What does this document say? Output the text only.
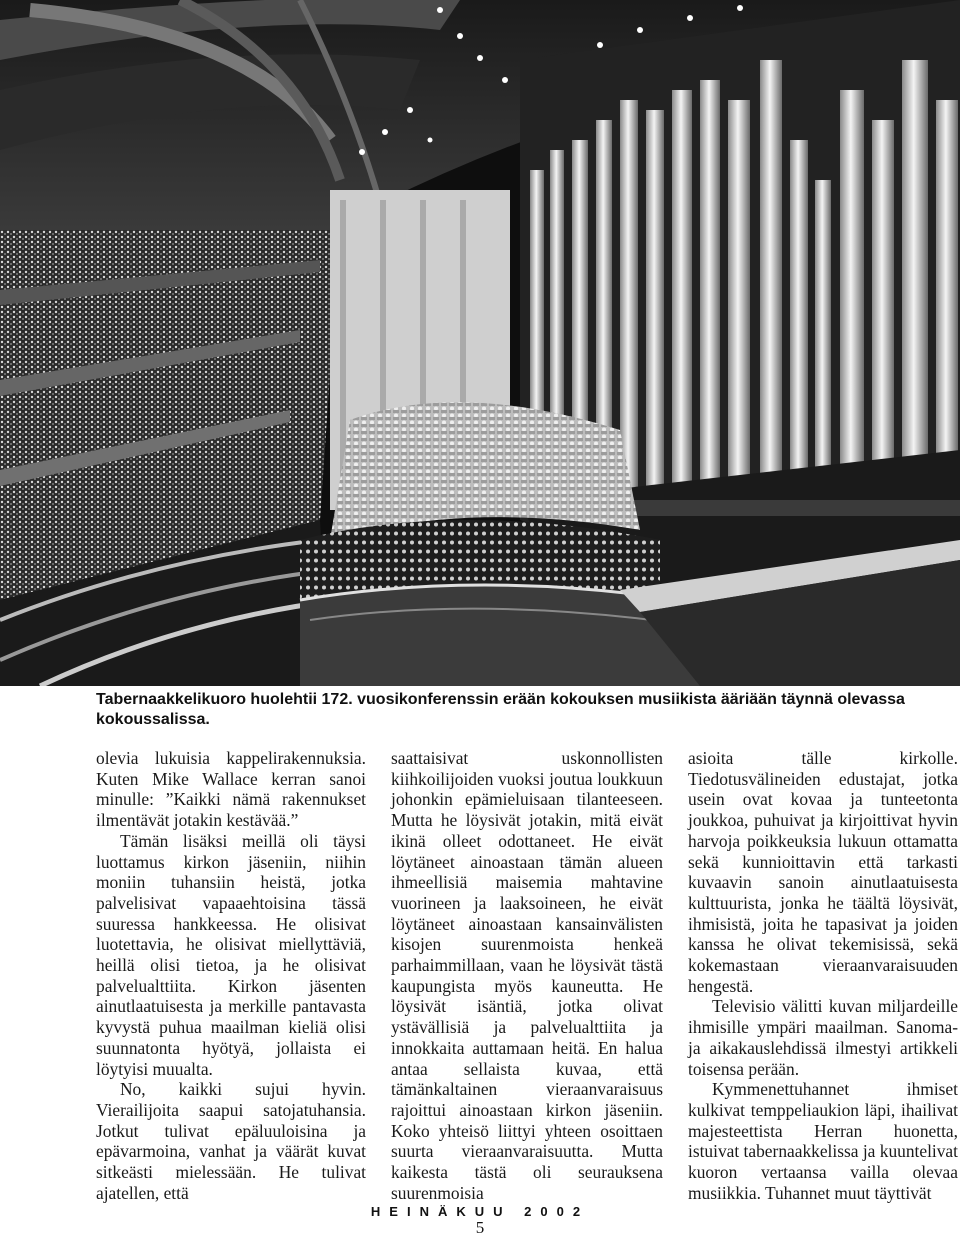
Tabernaakkelikuoro huolehtii 172. vuosikonferenssin erään kokouksen musiikista ääriään täynnä olevassa kokoussalissa.

olevia lukuisia kappelirakennuksia. Kuten Mike Wallace kerran sanoi minulle: ”Kaikki nämä rakennukset ilmentävät jotakin kestävää.”

Tämän lisäksi meillä oli täysi luottamus kirkon jäseniin, niihin moniin tuhansiin heistä, jotka palvelisivat vapaaehtoisina tässä suuressa hankkeessa. He olisivat luotettavia, he olisivat miellyttäviä, heillä olisi tietoa, ja he olisivat palvelualttiita. Kirkon jäsenten ainutlaatuisesta ja merkille pantavasta kyvystä puhua maailman kieliä olisi suunnatonta hyötyä, jollaista ei löytyisi muualta.

No, kaikki sujui hyvin. Vierailijoita saapui satojatuhansia. Jotkut tulivat epäluuloisina ja epävarmoina, vanhat ja väärät kuvat sitkeästi mielessään. He tulivat ajatellen, että

saattaisivat uskonnollisten kiihkoilijoiden vuoksi joutua loukkuun johonkin epämieluisaan tilanteeseen. Mutta he löysivät jotakin, mitä eivät ikinä olleet odottaneet. He eivät löytäneet ainoastaan tämän alueen ihmeellisiä maisemia mahtavine vuorineen ja laaksoineen, he eivät löytäneet ainoastaan kansainvälisten kisojen suurenmoista henkeä parhaimmillaan, vaan he löysivät tästä kaupungista myös kauneutta. He löysivät isäntiä, jotka olivat ystävällisiä ja palvelualttiita ja innokkaita auttamaan heitä. En halua antaa sellaista kuvaa, että tämänkaltainen vieraanvaraisuus rajoittui ainoastaan kirkon jäseniin. Koko yhteisö liittyi yhteen osoittaen suurta vieraanvaraisuutta. Mutta kaikesta tästä oli seurauksena suurenmoisia

asioita tälle kirkolle. Tiedotusvälineiden edustajat, jotka usein ovat kovaa ja tunteetonta joukkoa, puhuivat ja kirjoittivat hyvin harvoja poikkeuksia lukuun ottamatta sekä kunnioittavin että tarkasti kuvaavin sanoin ainutlaatuisesta kulttuurista, jonka he täältä löysivät, ihmisistä, joita he tapasivat ja joiden kanssa he olivat tekemisissä, sekä kokemastaan vieraanvaraisuuden hengestä.

Televisio välitti kuvan miljardeille ihmisille ympäri maailman. Sanoma- ja aikakauslehdissä ilmestyi artikkeli toisensa perään.

Kymmenettuhannet ihmiset kulkivat temppeliaukion läpi, ihailivat majesteettista Herran huonetta, istuivat tabernaakkelissa ja kuuntelivat kuoron vertaansa vailla olevaa musiikkia. Tuhannet muut täyttivät

HEINÄKUU 2002
5
